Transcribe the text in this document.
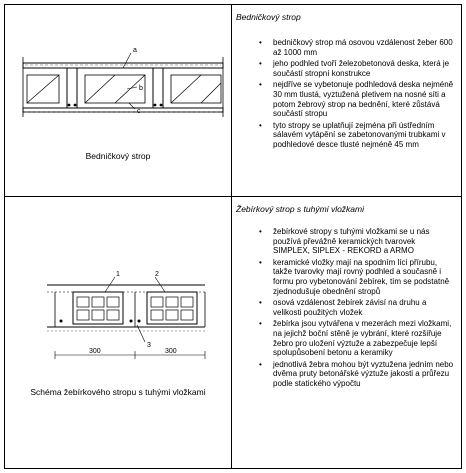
a
b
c
Bedničkový strop
Bedničkový strop
• bedničkový strop má osovou vzdálenost žeber 600 až 1000 mm
• jeho podhled tvoří železobetonová deska, která je součástí stropní konstrukce
• nejdříve se vybetonuje podhledová deska nejméně 30 mm tlustá, vyztužená pletivem na nosné síti a potom žebrový strop na bednění, které zůstává součástí stropu
• tyto stropy se uplatňují zejména při ústředním sálavém vytápění se zabetonovanými trubkami v podhledové desce tlusté nejméně 45 mm
1	2
3
300	300
Schéma žebírkového stropu s tuhými vložkami
Žebírkový strop s tuhými vložkami
• žebírkové stropy s tuhými vložkami se u nás používá převážně keramických tvarovek SIMPLEX, SIPLEX - REKORD a ARMO
• keramické vložky mají na spodním líci přírubu, takže tvarovky mají rovný podhled a současně i formu pro vybetonování žebírek, tím se podstatně zjednodušuje obednění stropů
• osová vzdálenost žebírek závisí na druhu a velikosti použitých vložek
• žebírka jsou vytvářena v mezerách mezi vložkami, na jejichž boční stěně je vybrání, které rozšiřuje žebro pro uložení výztuže a zabezpečuje lepší spolupůsobení betonu a keramiky
• jednotlivá žebra mohou být vyztužena jedním nebo dvěma pruty betonářské výztuže jakosti a průřezu podle statického výpočtu
